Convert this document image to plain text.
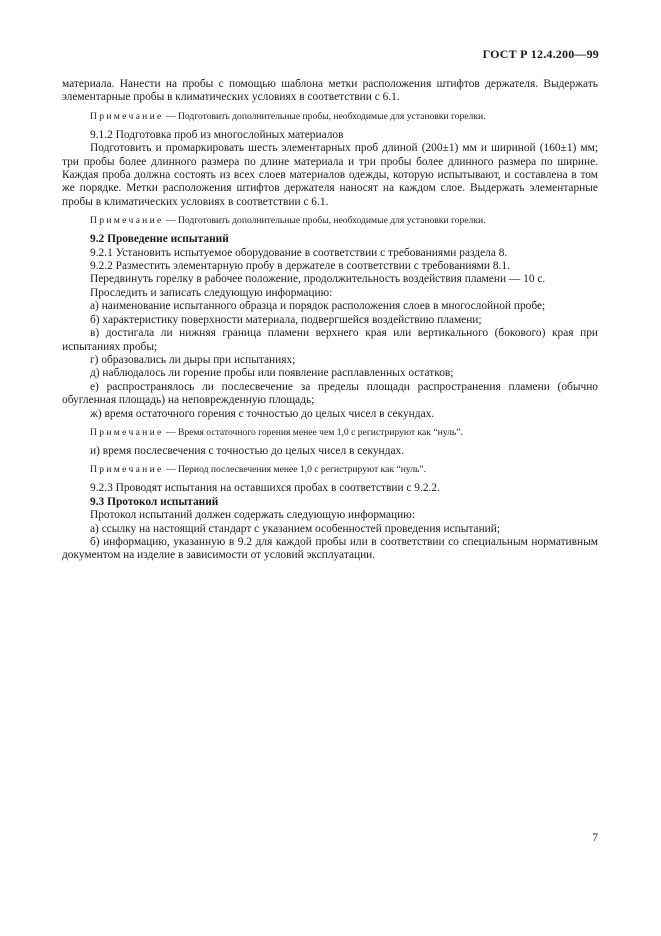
ГОСТ Р 12.4.200—99

материала. Нанести на пробы с помощью шаблона метки расположения штифтов держателя. Выдержать элементарные пробы в климатических условиях в соответствии с 6.1.

Примечание — Подготовить дополнительные пробы, необходимые для установки горелки.

9.1.2 Подготовка проб из многослойных материалов

Подготовить и промаркировать шесть элементарных проб длиной (200±1) мм и шириной (160±1) мм; три пробы более длинного размера по длине материала и три пробы более длинного размера по ширине. Каждая проба должна состоять из всех слоев материалов одежды, которую испытывают, и составлена в том же порядке. Метки расположения штифтов держателя наносят на каждом слое. Выдержать элементарные пробы в климатических условиях в соответствии с 6.1.

Примечание — Подготовить дополнительные пробы, необходимые для установки горелки.

9.2 Проведение испытаний

9.2.1 Установить испытуемое оборудование в соответствии с требованиями раздела 8.

9.2.2 Разместить элементарную пробу в держателе в соответствии с требованиями 8.1.

Передвинуть горелку в рабочее положение, продолжительность воздействия пламени — 10 с.

Проследить и записать следующую информацию:

а) наименование испытанного образца и порядок расположения слоев в многослойной пробе;

б) характеристику поверхности материала, подвергшейся воздействию пламени;

в) достигала ли нижняя граница пламени верхнего края или вертикального (бокового) края при испытаниях пробы;

г) образовались ли дыры при испытаниях;

д) наблюдалось ли горение пробы или появление расплавленных остатков;

е) распространялось ли послесвечение за пределы площади распространения пламени (обычно обугленная площадь) на неповрежденную площадь;

ж) время остаточного горения с точностью до целых чисел в секундах.

Примечание — Время остаточного горения менее чем 1,0 с регистрируют как “нуль”.

и) время послесвечения с точностью до целых чисел в секундах.

Примечание — Период послесвечения менее 1,0 с регистрируют как “нуль”.

9.2.3 Проводят испытания на оставшихся пробах в соответствии с 9.2.2.

9.3 Протокол испытаний

Протокол испытаний должен содержать следующую информацию:

а) ссылку на настоящий стандарт с указанием особенностей проведения испытаний;

б) информацию, указанную в 9.2 для каждой пробы или в соответствии со специальным нормативным документом на изделие в зависимости от условий эксплуатации.

7
